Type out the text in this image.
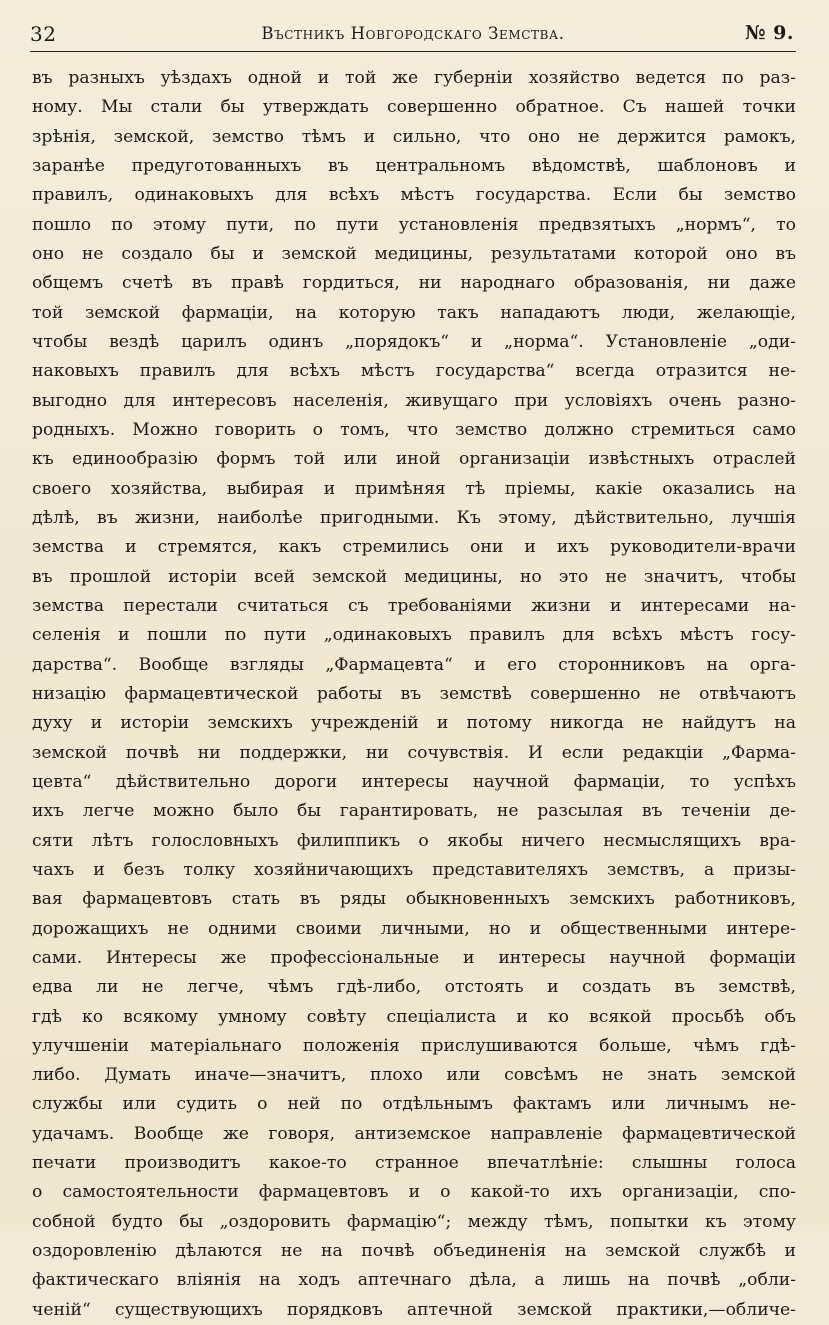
32	Въстникъ Новгородскаго Земства.	№ 9.
въ разныхъ уѣздахъ одной и той же губерніи хозяйство ведется по раз-
ному. Мы стали бы утверждать совершенно обратное. Съ нашей точки
зрѣнія, земской, земство тѣмъ и сильно, что оно не держится рамокъ,
заранѣе предуготованныхъ въ центральномъ вѣдомствѣ, шаблоновъ и
правилъ, одинаковыхъ для всѣхъ мѣстъ государства. Если бы земство
пошло по этому пути, по пути установленія предвзятыхъ „нормъ“, то
оно не создало бы и земской медицины, результатами которой оно въ
общемъ счетѣ въ правѣ гордиться, ни народнаго образованія, ни даже
той земской фармаціи, на которую такъ нападаютъ люди, желающіе,
чтобы вездѣ царилъ одинъ „порядокъ“ и „норма“. Установленіе „оди-
наковыхъ правилъ для всѣхъ мѣстъ государства“ всегда отразится не-
выгодно для интересовъ населенія, живущаго при условіяхъ очень разно-
родныхъ. Можно говорить о томъ, что земство должно стремиться само
къ единообразію формъ той или иной организаціи извѣстныхъ отраслей
своего хозяйства, выбирая и примѣняя тѣ пріемы, какіе оказались на
дѣлѣ, въ жизни, наиболѣе пригодными. Къ этому, дѣйствительно, лучшія
земства и стремятся, какъ стремились они и ихъ руководители-врачи
въ прошлой исторіи всей земской медицины, но это не значитъ, чтобы
земства перестали считаться съ требованіями жизни и интересами на-
селенія и пошли по пути „одинаковыхъ правилъ для всѣхъ мѣстъ госу-
дарства“. Вообще взгляды „Фармацевта“ и его сторонниковъ на орга-
низацію фармацевтической работы въ земствѣ совершенно не отвѣчаютъ
духу и исторіи земскихъ учрежденій и потому никогда не найдутъ на
земской почвѣ ни поддержки, ни сочувствія. И если редакціи „Фарма-
цевта“ дѣйствительно дороги интересы научной фармаціи, то успѣхъ
ихъ легче можно было бы гарантировать, не разсылая въ теченіи де-
сяти лѣтъ голословныхъ филиппикъ о якобы ничего несмыслящихъ вра-
чахъ и безъ толку хозяйничающихъ представителяхъ земствъ, а призы-
вая фармацевтовъ стать въ ряды обыкновенныхъ земскихъ работниковъ,
дорожащихъ не одними своими личными, но и общественными интере-
сами. Интересы же профессіональные и интересы научной формаціи
едва ли не легче, чѣмъ гдѣ-либо, отстоять и создать въ земствѣ,
гдѣ ко всякому умному совѣту спеціалиста и ко всякой просьбѣ объ
улучшеніи матеріальнаго положенія прислушиваются больше, чѣмъ гдѣ-
либо. Думать иначе—значитъ, плохо или совсѣмъ не знать земской
службы или судить о ней по отдѣльнымъ фактамъ или личнымъ не-
удачамъ. Вообще же говоря, антиземское направленіе фармацевтической
печати производитъ какое-то странное впечатлѣніе: слышны голоса
о самостоятельности фармацевтовъ и о какой-то ихъ организаціи, спо-
собной будто бы „оздоровить фармацію“; между тѣмъ, попытки къ этому
оздоровленію дѣлаются не на почвѣ объединенія на земской службѣ и
фактическаго вліянія на ходъ аптечнаго дѣла, а лишь на почвѣ „обли-
ченій“ существующихъ порядковъ аптечной земской практики,—обличе-
